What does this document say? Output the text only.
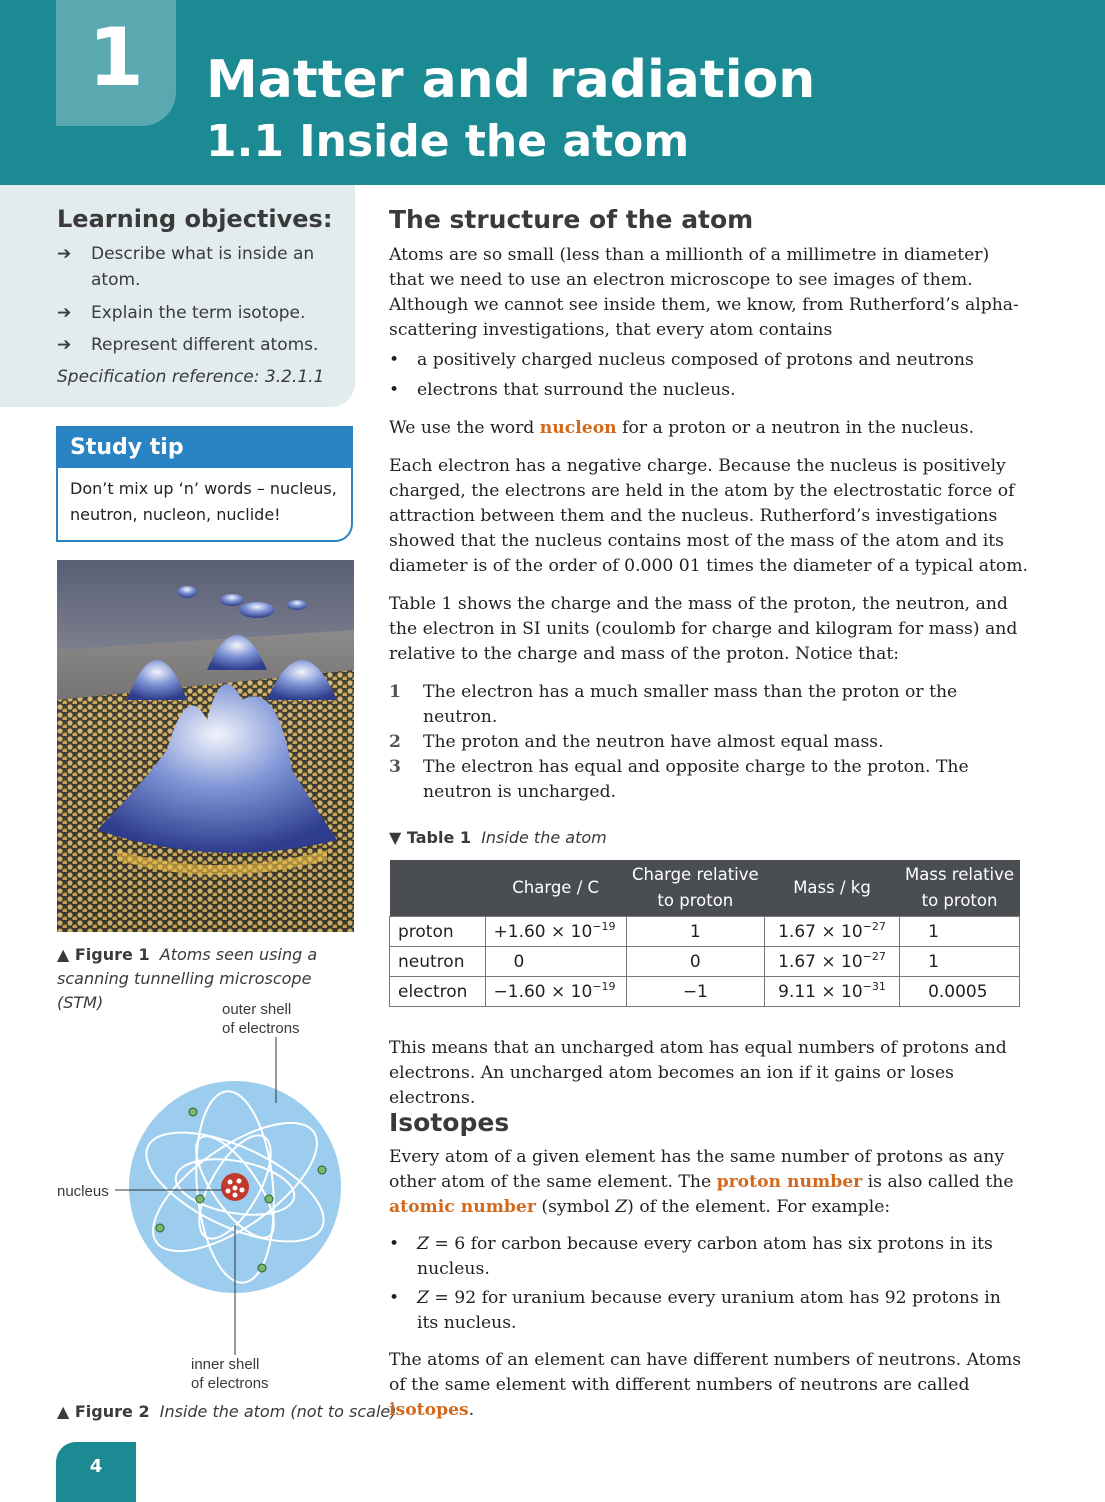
1	Matter and radiation
1.1 Inside the atom
Learning objectives:
➔ Describe what is inside an atom.
➔ Explain the term isotope.
➔ Represent different atoms.
Specification reference: 3.2.1.1
Study tip
Don’t mix up ‘n’ words – nucleus, neutron, nucleon, nuclide!
▲ Figure 1 Atoms seen using a scanning tunnelling microscope (STM)	outer shell
of electrons
nucleus
inner shell
of electrons
▲ Figure 2 Inside the atom (not to scale)
The structure of the atom
Atoms are so small (less than a millionth of a millimetre in diameter) that we need to use an electron microscope to see images of them. Although we cannot see inside them, we know, from Rutherford’s alpha-scattering investigations, that every atom contains
• a positively charged nucleus composed of protons and neutrons
• electrons that surround the nucleus.
We use the word nucleon for a proton or a neutron in the nucleus.
Each electron has a negative charge. Because the nucleus is positively charged, the electrons are held in the atom by the electrostatic force of attraction between them and the nucleus. Rutherford’s investigations showed that the nucleus contains most of the mass of the atom and its diameter is of the order of 0.000 01 times the diameter of a typical atom.
Table 1 shows the charge and the mass of the proton, the neutron, and the electron in SI units (coulomb for charge and kilogram for mass) and relative to the charge and mass of the proton. Notice that:
1 The electron has a much smaller mass than the proton or the neutron.
2 The proton and the neutron have almost equal mass.
3 The electron has equal and opposite charge to the proton. The neutron is uncharged.
▼ Table 1 Inside the atom
	Charge / C	Charge relative to proton	Mass / kg	Mass relative to proton
proton	$+1.60 \times 10^{-19}$	1	$1.67 \times 10^{-27}$	1
neutron	0	0	$1.67 \times 10^{-27}$	1
electron	$-1.60 \times 10^{-19}$	−1	$9.11 \times 10^{-31}$	0.0005
This means that an uncharged atom has equal numbers of protons and electrons. An uncharged atom becomes an ion if it gains or loses electrons.
Isotopes
Every atom of a given element has the same number of protons as any other atom of the same element. The proton number is also called the atomic number (symbol Z) of the element. For example:
• Z = 6 for carbon because every carbon atom has six protons in its nucleus.
• Z = 92 for uranium because every uranium atom has 92 protons in its nucleus.
The atoms of an element can have different numbers of neutrons. Atoms of the same element with different numbers of neutrons are called isotopes.
4
